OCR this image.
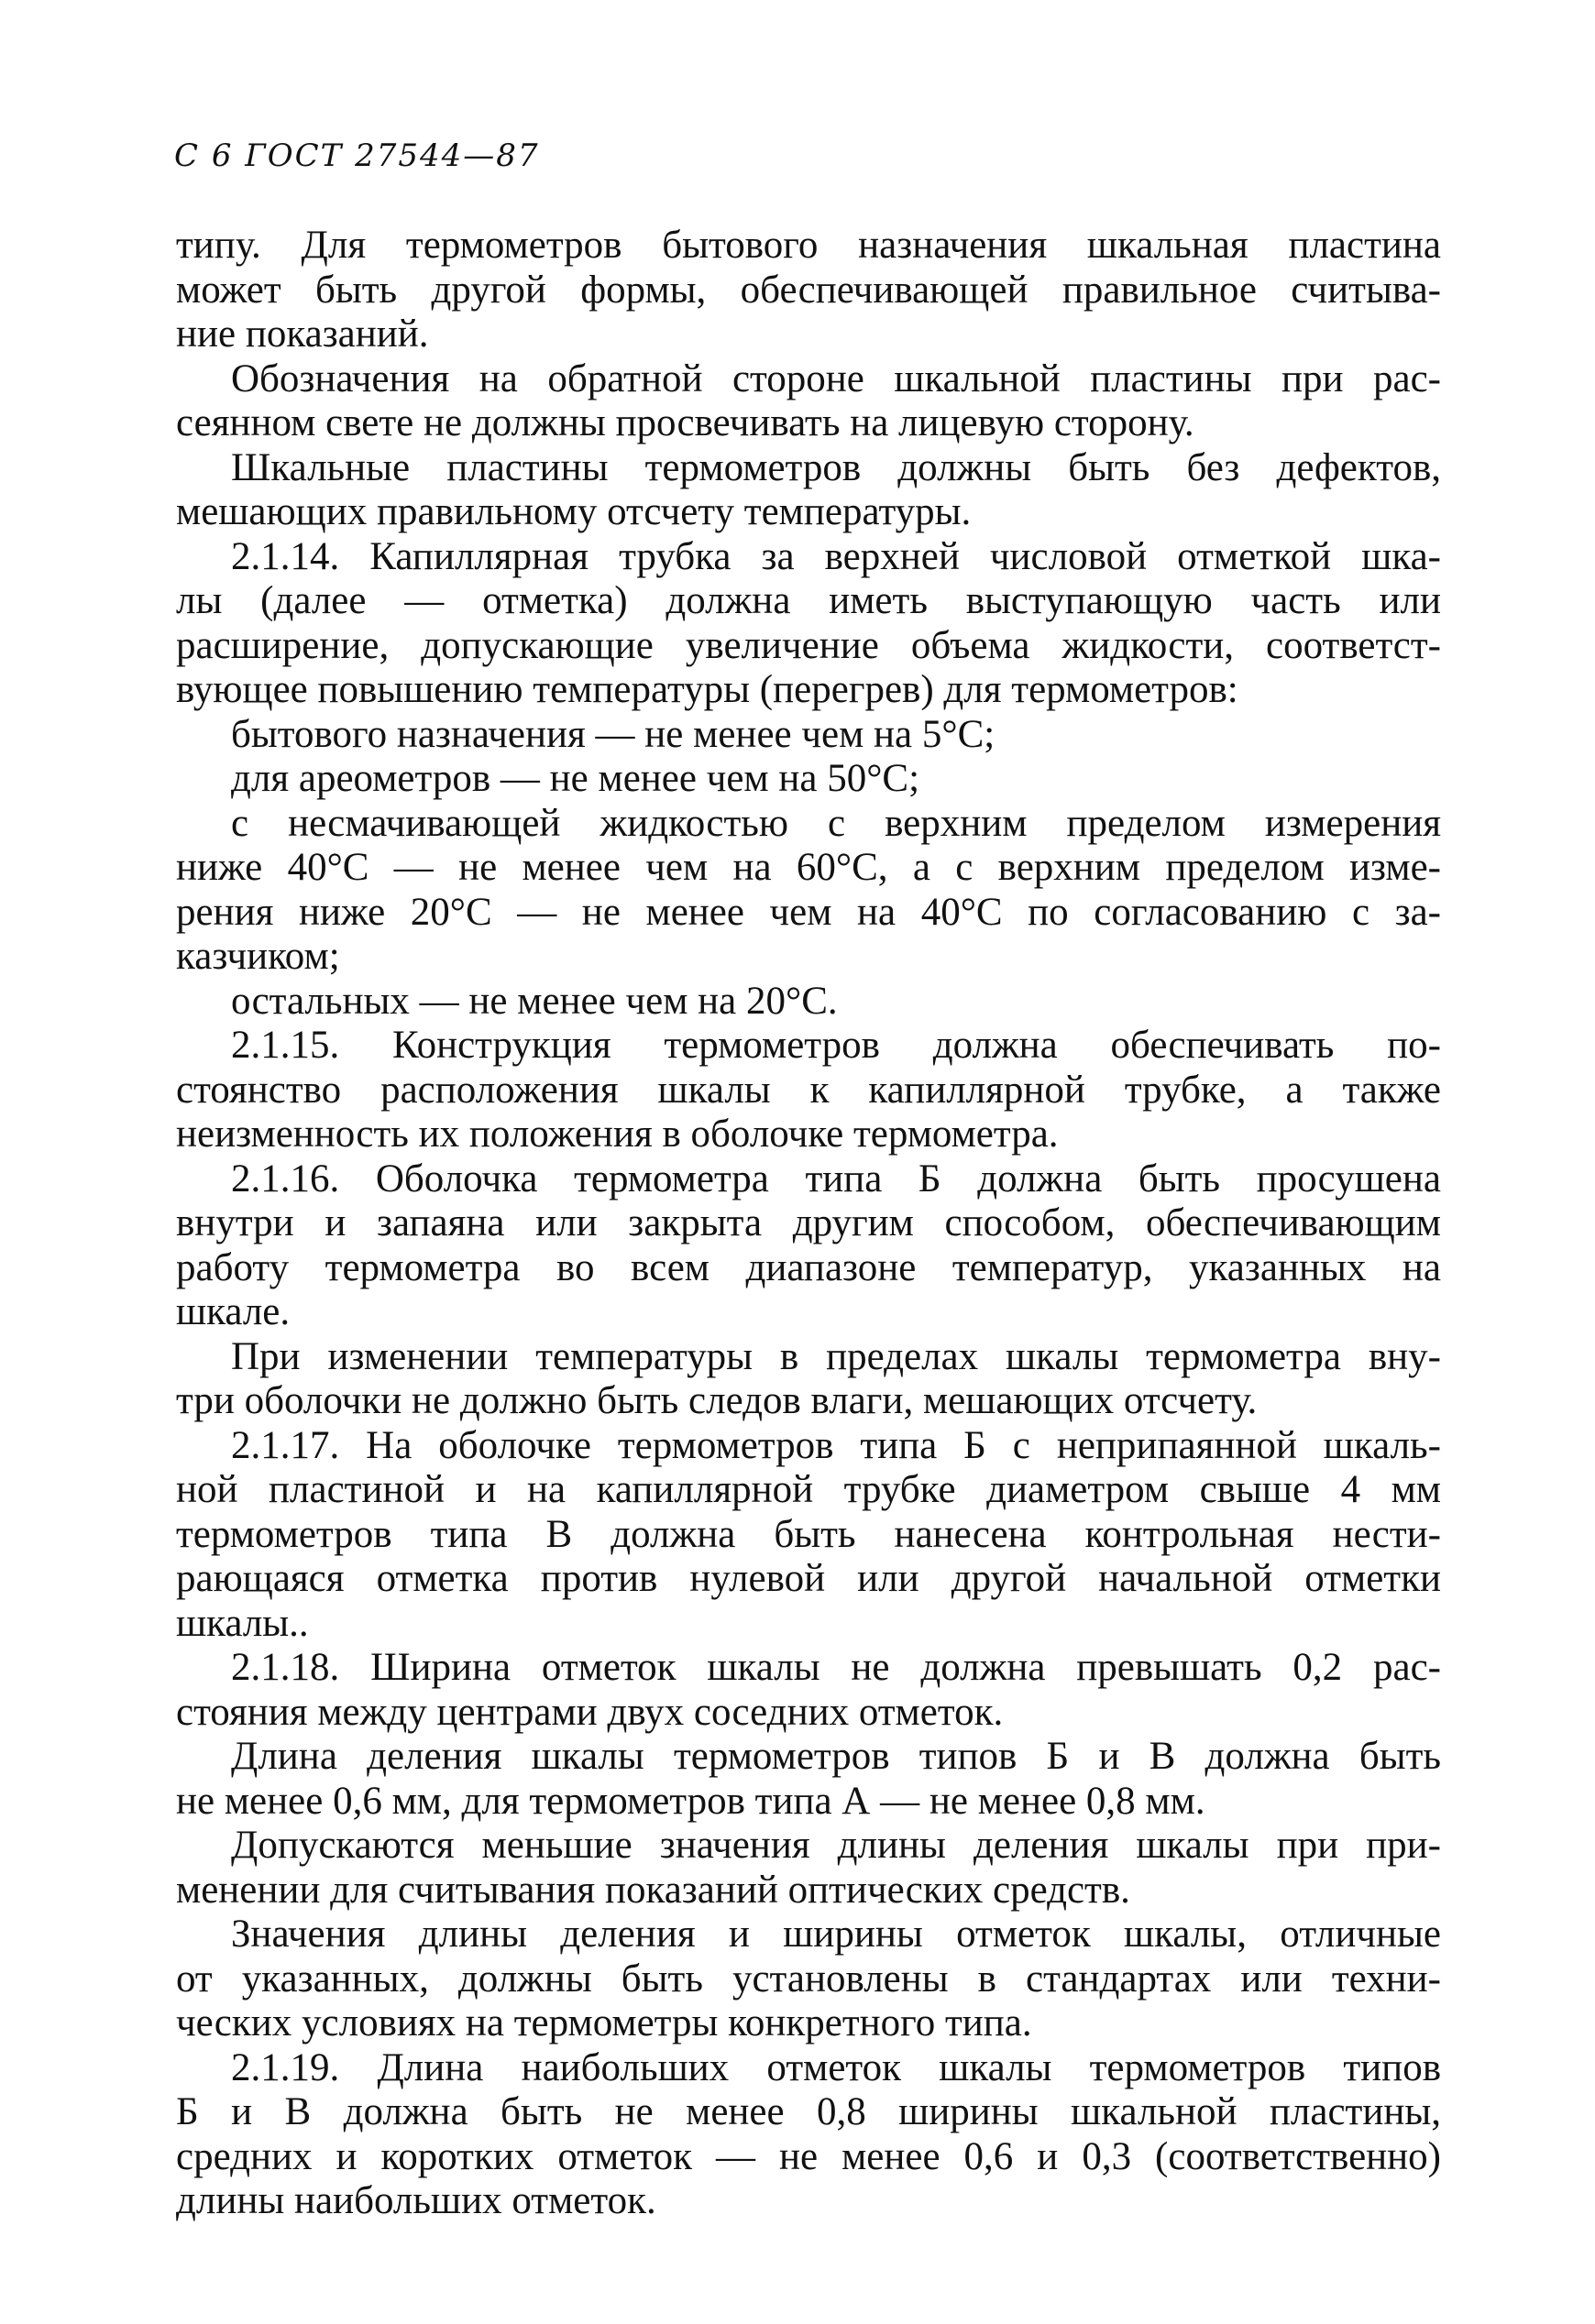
С 6 ГОСТ 27544—87
типу. Для термометров бытового назначения шкальная пластина
может быть другой формы, обеспечивающей правильное считыва-
ние показаний.
Обозначения на обратной стороне шкальной пластины при рас-
сеянном свете не должны просвечивать на лицевую сторону.
Шкальные пластины термометров должны быть без дефектов,
мешающих правильному отсчету температуры.
2.1.14. Капиллярная трубка за верхней числовой отметкой шка-
лы (далее — отметка) должна иметь выступающую часть или
расширение, допускающие увеличение объема жидкости, соответст-
вующее повышению температуры (перегрев) для термометров:
бытового назначения — не менее чем на 5°С;
для ареометров — не менее чем на 50°С;
с несмачивающей жидкостью с верхним пределом измерения
ниже 40°С — не менее чем на 60°С, а с верхним пределом изме-
рения ниже 20°С — не менее чем на 40°С по согласованию с за-
казчиком;
остальных — не менее чем на 20°С.
2.1.15. Конструкция термометров должна обеспечивать по-
стоянство расположения шкалы к капиллярной трубке, а также
неизменность их положения в оболочке термометра.
2.1.16. Оболочка термометра типа Б должна быть просушена
внутри и запаяна или закрыта другим способом, обеспечивающим
работу термометра во всем диапазоне температур, указанных на
шкале.
При изменении температуры в пределах шкалы термометра вну-
три оболочки не должно быть следов влаги, мешающих отсчету.
2.1.17. На оболочке термометров типа Б с неприпаянной шкаль-
ной пластиной и на капиллярной трубке диаметром свыше 4 мм
термометров типа В должна быть нанесена контрольная нести-
рающаяся отметка против нулевой или другой начальной отметки
шкалы..
2.1.18. Ширина отметок шкалы не должна превышать 0,2 рас-
стояния между центрами двух соседних отметок.
Длина деления шкалы термометров типов Б и В должна быть
не менее 0,6 мм, для термометров типа А — не менее 0,8 мм.
Допускаются меньшие значения длины деления шкалы при при-
менении для считывания показаний оптических средств.
Значения длины деления и ширины отметок шкалы, отличные
от указанных, должны быть установлены в стандартах или техни-
ческих условиях на термометры конкретного типа.
2.1.19. Длина наибольших отметок шкалы термометров типов
Б и В должна быть не менее 0,8 ширины шкальной пластины,
средних и коротких отметок — не менее 0,6 и 0,3 (соответственно)
длины наибольших отметок.
